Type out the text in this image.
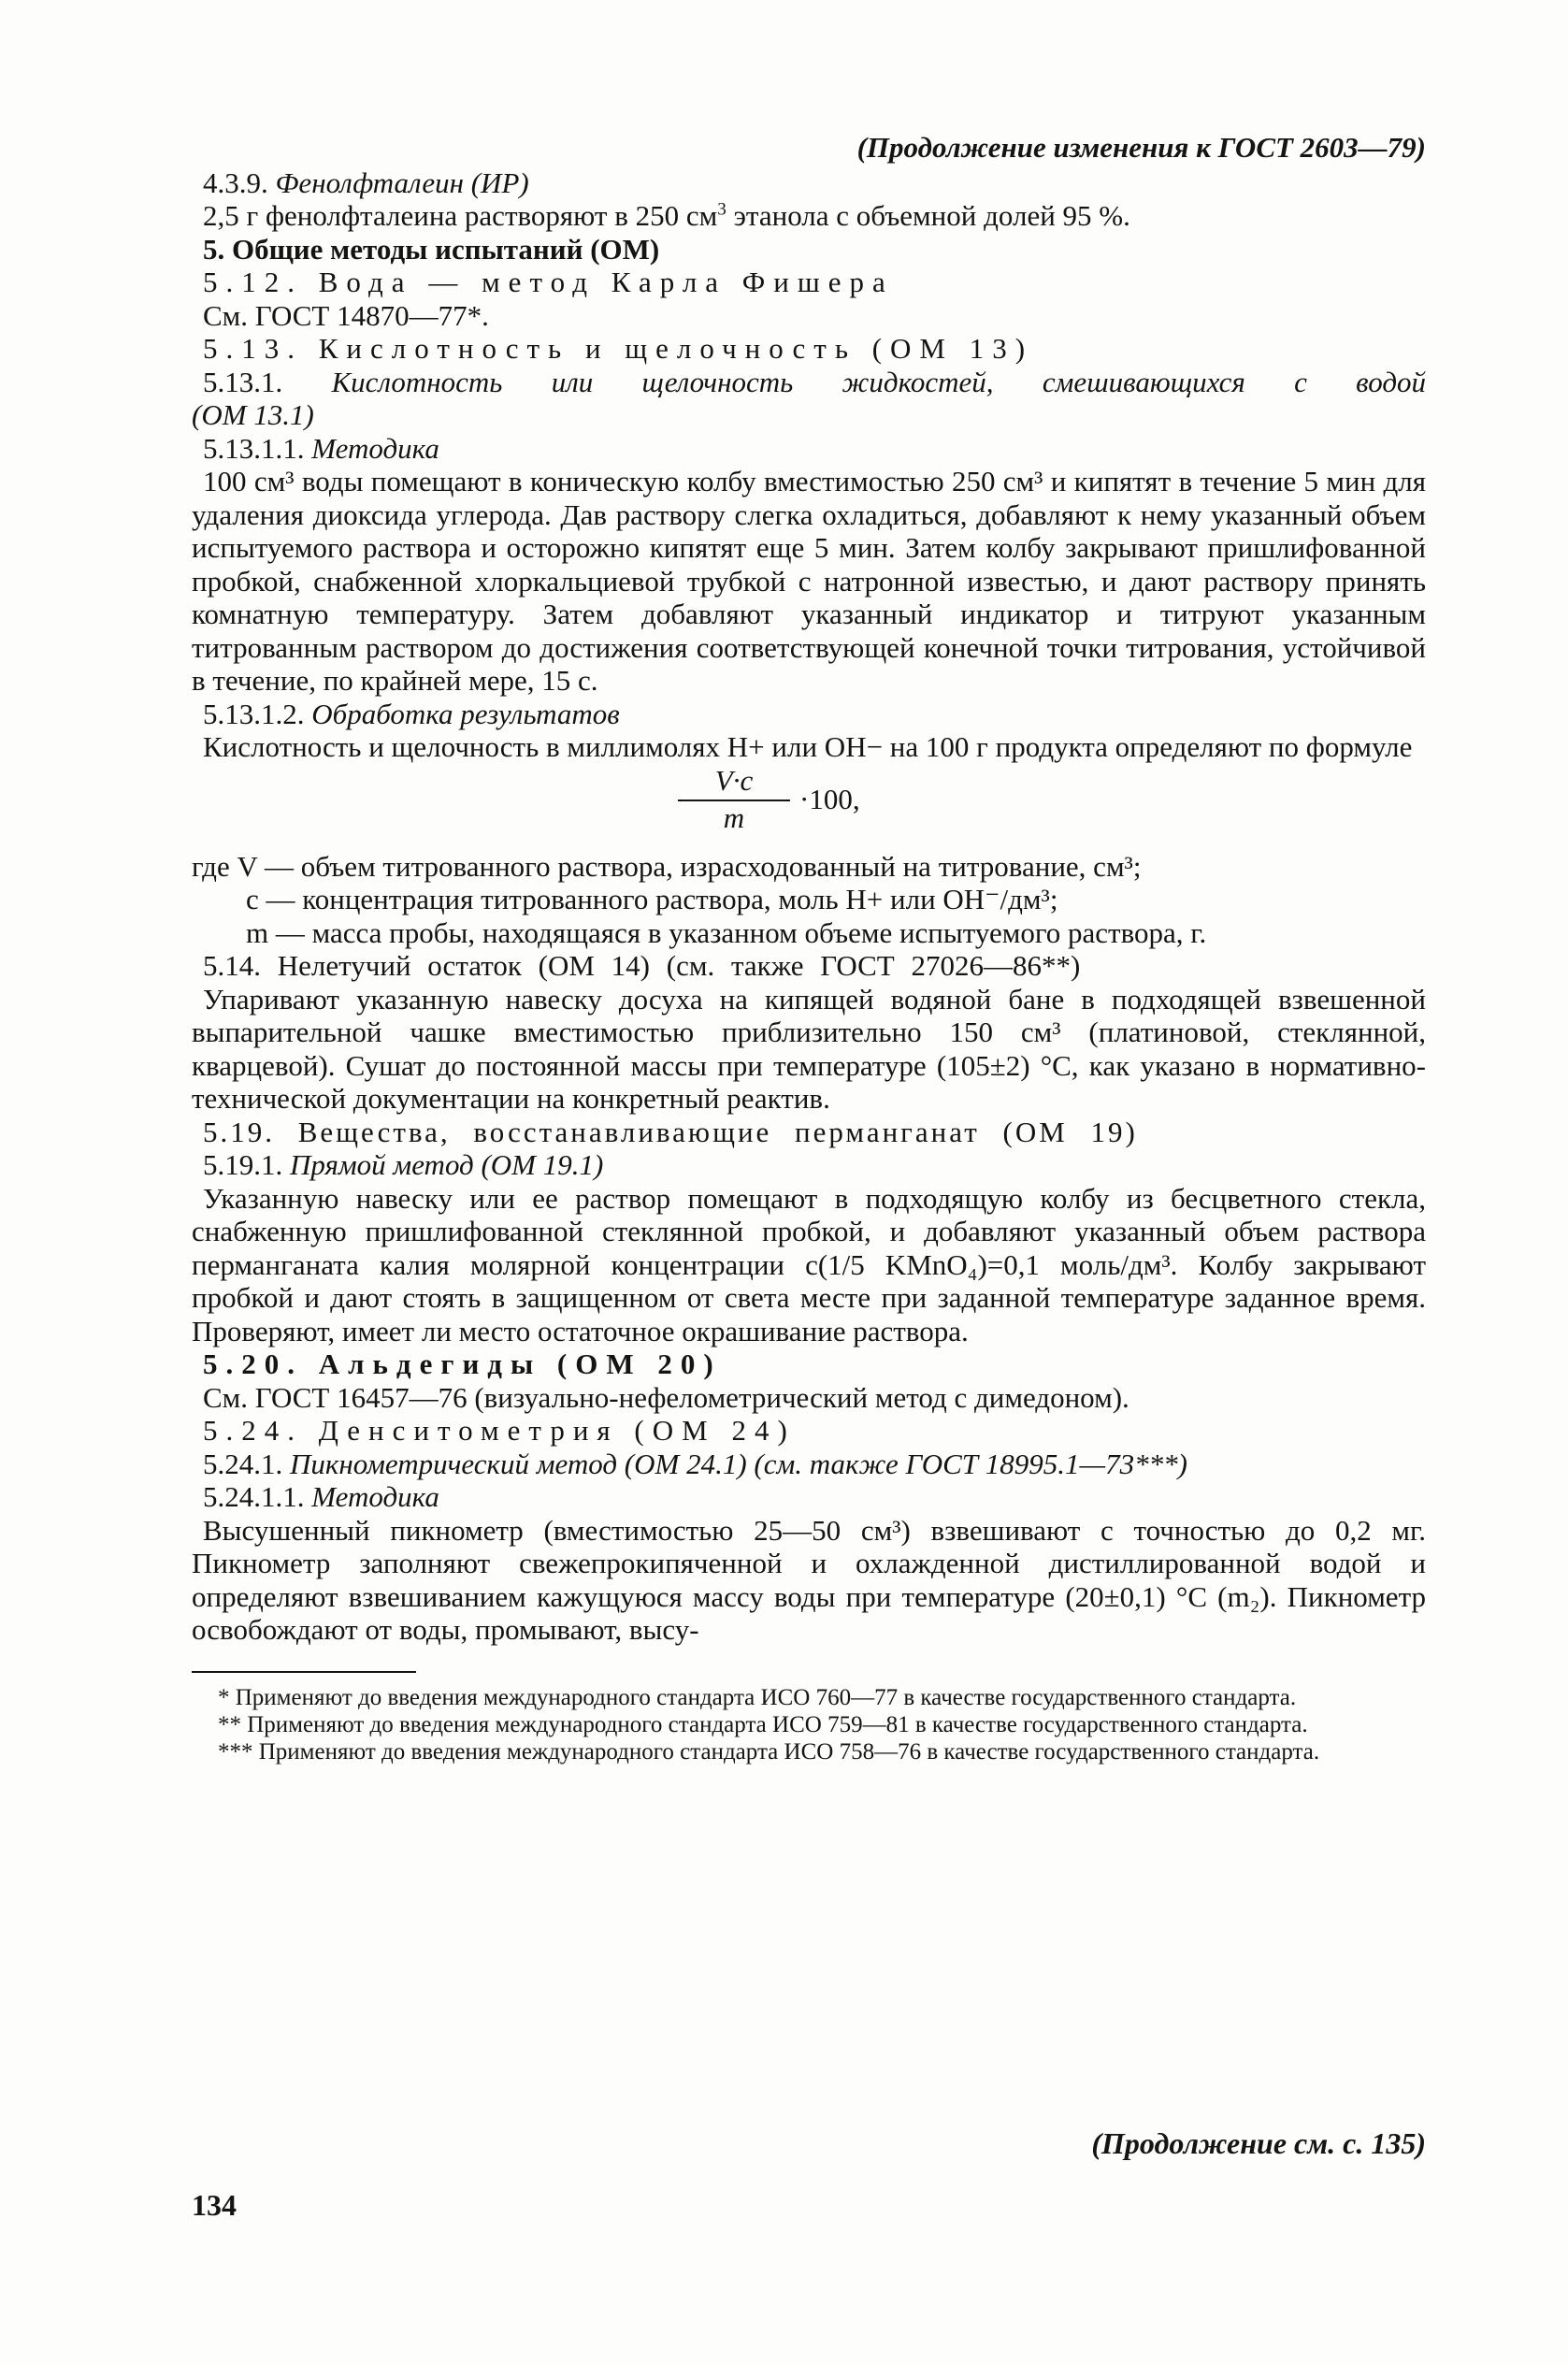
(Продолжение изменения к ГОСТ 2603—79)

4.3.9. Фенолфталеин (ИР)

2,5 г фенолфталеина растворяют в 250 $см^3$ этанола с объемной долей 95 %.

5. Общие методы испытаний (ОМ)

5.12. Вода — метод Карла Фишера

См. ГОСТ 14870—77*.

5.13. Кислотность и щелочность (ОМ 13)

5.13.1. Кислотность или щелочность жидкостей, смешивающихся с водой

(ОМ 13.1)

5.13.1.1. Методика

100 см³ воды помещают в коническую колбу вместимостью 250 см³ и кипятят в течение 5 мин для удаления диоксида углерода. Дав раствору слегка охладиться, добавляют к нему указанный объем испытуемого раствора и осторожно кипятят еще 5 мин. Затем колбу закрывают пришлифованной пробкой, снабженной хлоркальциевой трубкой с натронной известью, и дают раствору принять комнатную температуру. Затем добавляют указанный индикатор и титруют указанным титрованным раствором до достижения соответствующей конечной точки титрования, устойчивой в течение, по крайней мере, 15 с.

5.13.1.2. Обработка результатов

Кислотность и щелочность в миллимолях H+ или OH− на 100 г продукта определяют по формуле

V·c
m
·100,

где V — объем титрованного раствора, израсходованный на титрование, см³;

c — концентрация титрованного раствора, моль H+ или OH⁻/дм³;

m — масса пробы, находящаяся в указанном объеме испытуемого раствора, г.

5.14. Нелетучий остаток (ОМ 14) (см. также ГОСТ 27026—86**)

Упаривают указанную навеску досуха на кипящей водяной бане в подходящей взвешенной выпарительной чашке вместимостью приблизительно 150 см³ (платиновой, стеклянной, кварцевой). Сушат до постоянной массы при температуре (105±2) °C, как указано в нормативно-технической документации на конкретный реактив.

5.19. Вещества, восстанавливающие перманганат (ОМ 19)

5.19.1. Прямой метод (ОМ 19.1)

Указанную навеску или ее раствор помещают в подходящую колбу из бесцветного стекла, снабженную пришлифованной стеклянной пробкой, и добавляют указанный объем раствора перманганата калия молярной концентрации c(1/5 KMnO₄)=0,1 моль/дм³. Колбу закрывают пробкой и дают стоять в защищенном от света месте при заданной температуре заданное время. Проверяют, имеет ли место остаточное окрашивание раствора.

5.20. Альдегиды (ОМ 20)

См. ГОСТ 16457—76 (визуально-нефелометрический метод с димедоном).

5.24. Денситометрия (ОМ 24)

5.24.1. Пикнометрический метод (ОМ 24.1) (см. также ГОСТ 18995.1—73***)

5.24.1.1. Методика

Высушенный пикнометр (вместимостью 25—50 см³) взвешивают с точностью до 0,2 мг. Пикнометр заполняют свежепрокипяченной и охлажденной дистиллированной водой и определяют взвешиванием кажущуюся массу воды при температуре (20±0,1) °C (m₂). Пикнометр освобождают от воды, промывают, высу-

* Применяют до введения международного стандарта ИСО 760—77 в качестве государственного стандарта.

** Применяют до введения международного стандарта ИСО 759—81 в качестве государственного стандарта.

*** Применяют до введения международного стандарта ИСО 758—76 в качестве государственного стандарта.

(Продолжение см. с. 135)
134
